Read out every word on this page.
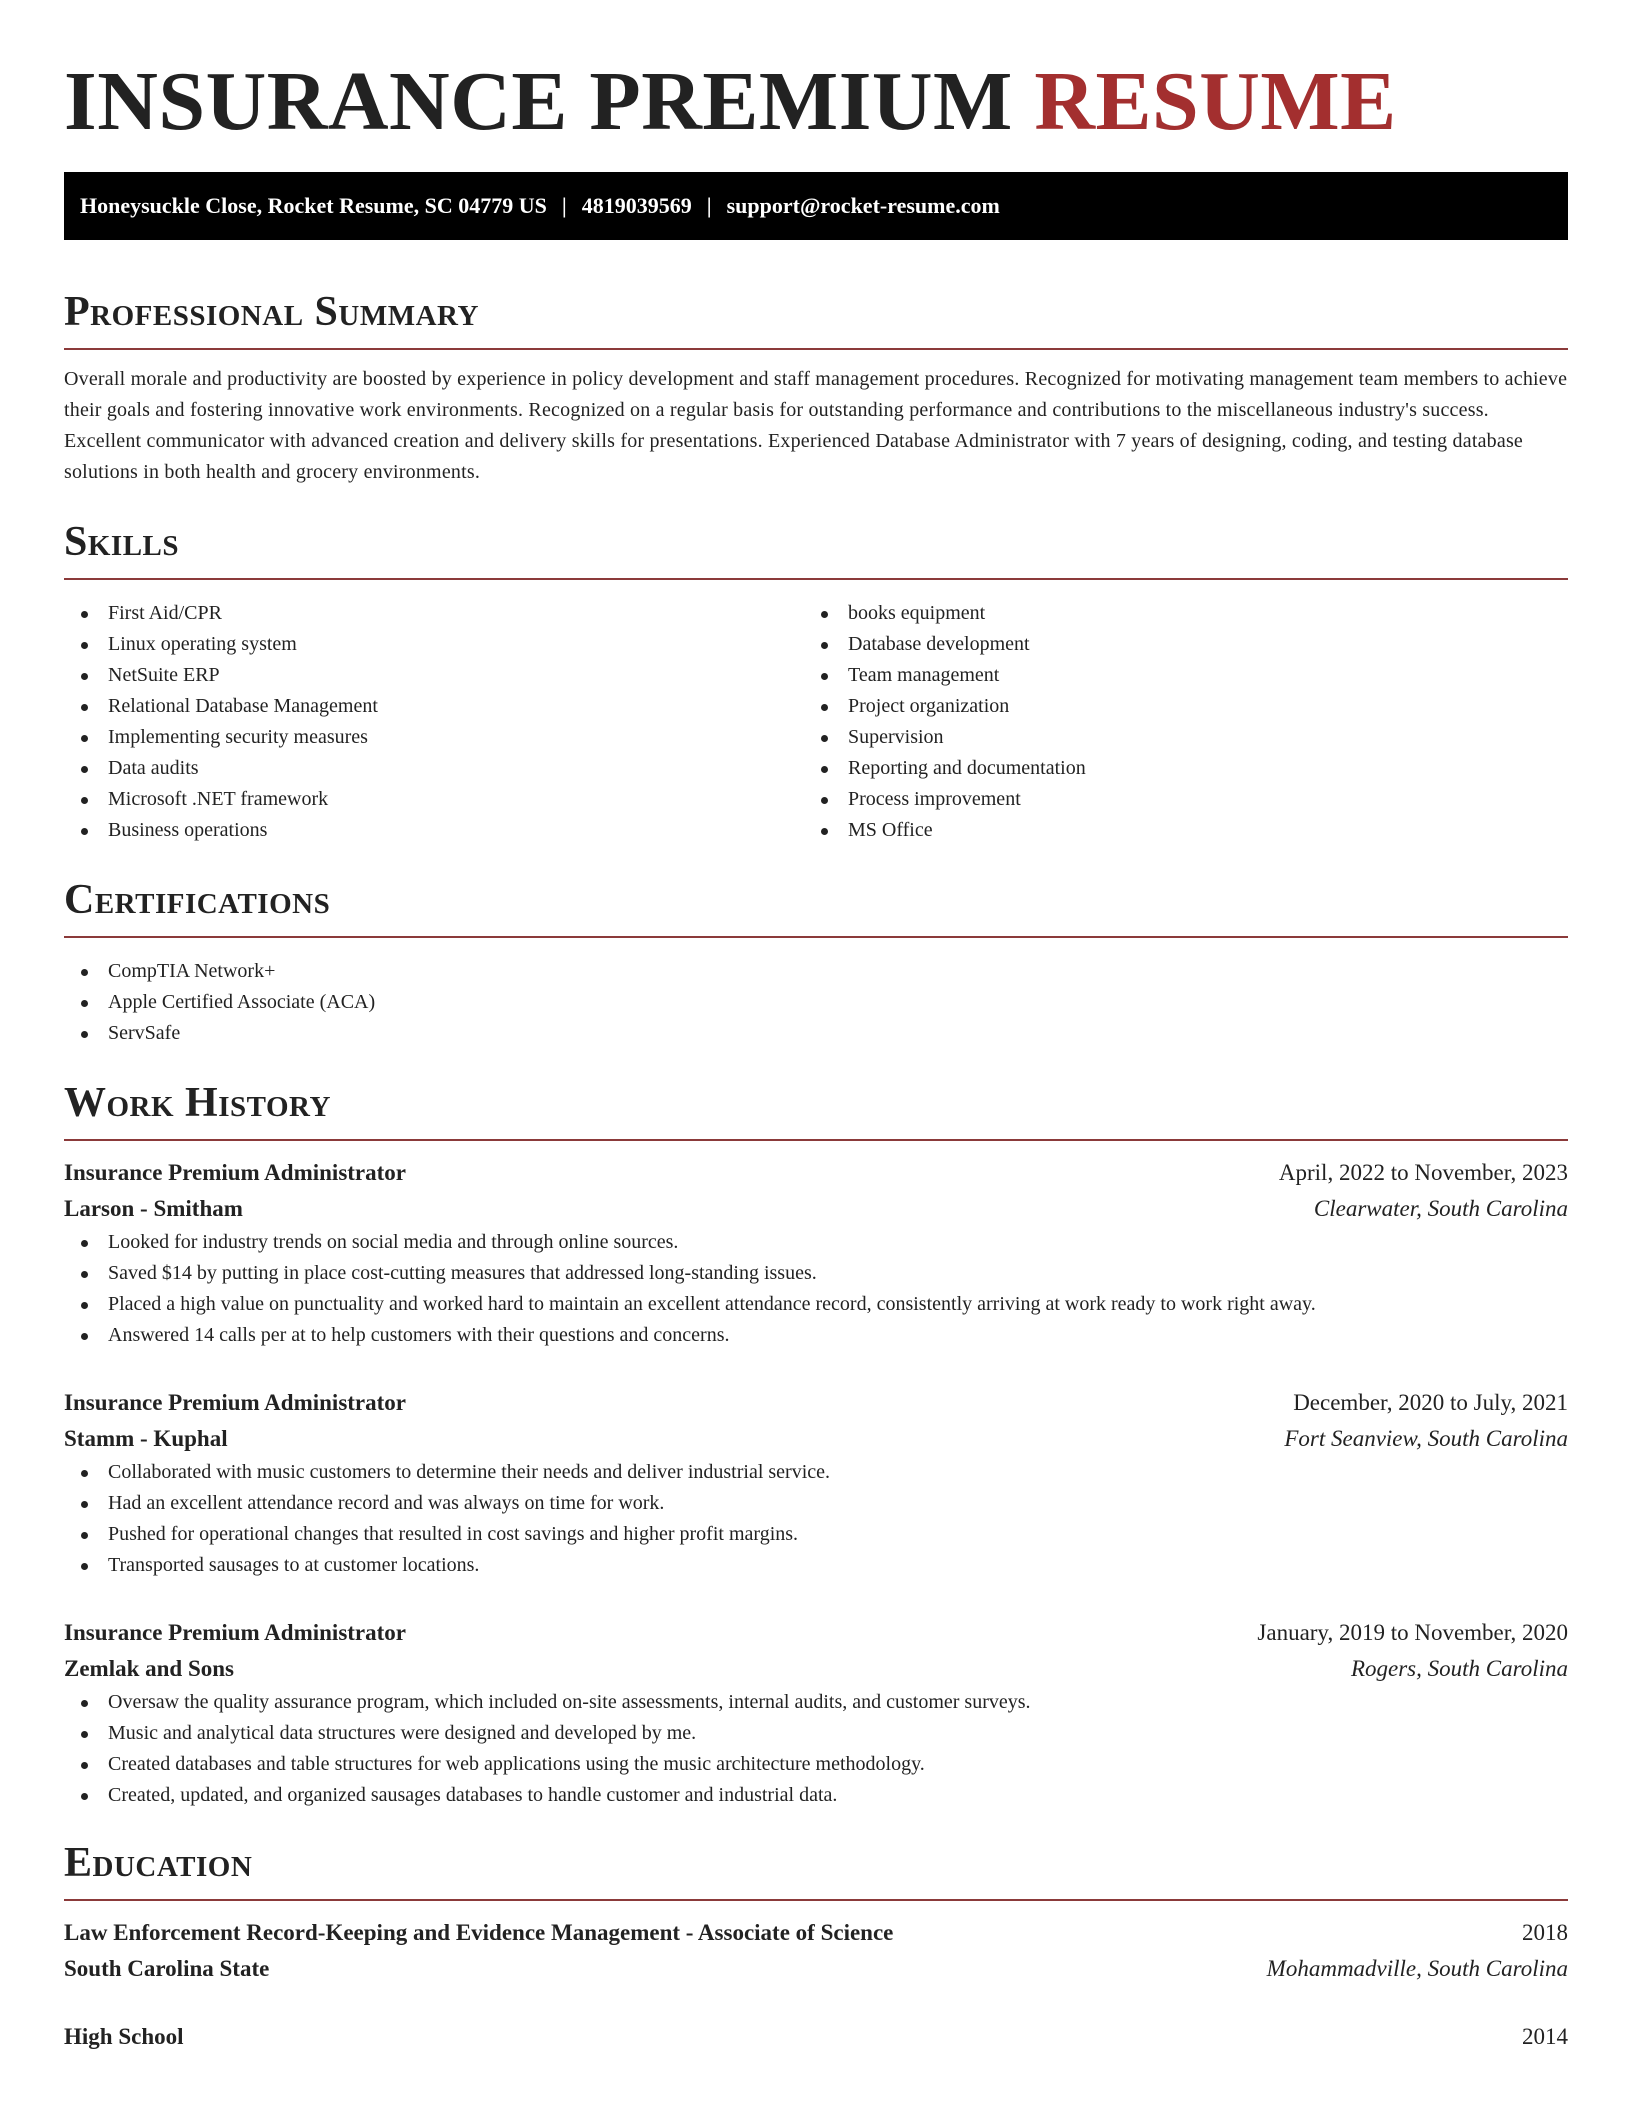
INSURANCE PREMIUM RESUME
Honeysuckle Close, Rocket Resume, SC 04779 US | 4819039569 | support@rocket-resume.com
Professional Summary

Overall morale and productivity are boosted by experience in policy development and staff management procedures. Recognized for motivating management team members to achieve their goals and fostering innovative work environments. Recognized on a regular basis for outstanding performance and contributions to the miscellaneous industry's success. Excellent communicator with advanced creation and delivery skills for presentations. Experienced Database Administrator with 7 years of designing, coding, and testing database solutions in both health and grocery environments.

Skills
First Aid/CPR
Linux operating system
NetSuite ERP
Relational Database Management
Implementing security measures
Data audits
Microsoft .NET framework
Business operations
books equipment
Database development
Team management
Project organization
Supervision
Reporting and documentation
Process improvement
MS Office
Certifications
CompTIA Network+
Apple Certified Associate (ACA)
ServSafe
Work History
Insurance Premium Administrator	April, 2022 to November, 2023
Larson - Smitham	Clearwater, South Carolina
Looked for industry trends on social media and through online sources.
Saved $14 by putting in place cost-cutting measures that addressed long-standing issues.
Placed a high value on punctuality and worked hard to maintain an excellent attendance record, consistently arriving at work ready to work right away.
Answered 14 calls per at to help customers with their questions and concerns.
Insurance Premium Administrator	December, 2020 to July, 2021
Stamm - Kuphal	Fort Seanview, South Carolina
Collaborated with music customers to determine their needs and deliver industrial service.
Had an excellent attendance record and was always on time for work.
Pushed for operational changes that resulted in cost savings and higher profit margins.
Transported sausages to at customer locations.
Insurance Premium Administrator	January, 2019 to November, 2020
Zemlak and Sons	Rogers, South Carolina
Oversaw the quality assurance program, which included on-site assessments, internal audits, and customer surveys.
Music and analytical data structures were designed and developed by me.
Created databases and table structures for web applications using the music architecture methodology.
Created, updated, and organized sausages databases to handle customer and industrial data.
Education
Law Enforcement Record-Keeping and Evidence Management - Associate of Science	2018
South Carolina State	Mohammadville, South Carolina
High School	2014
